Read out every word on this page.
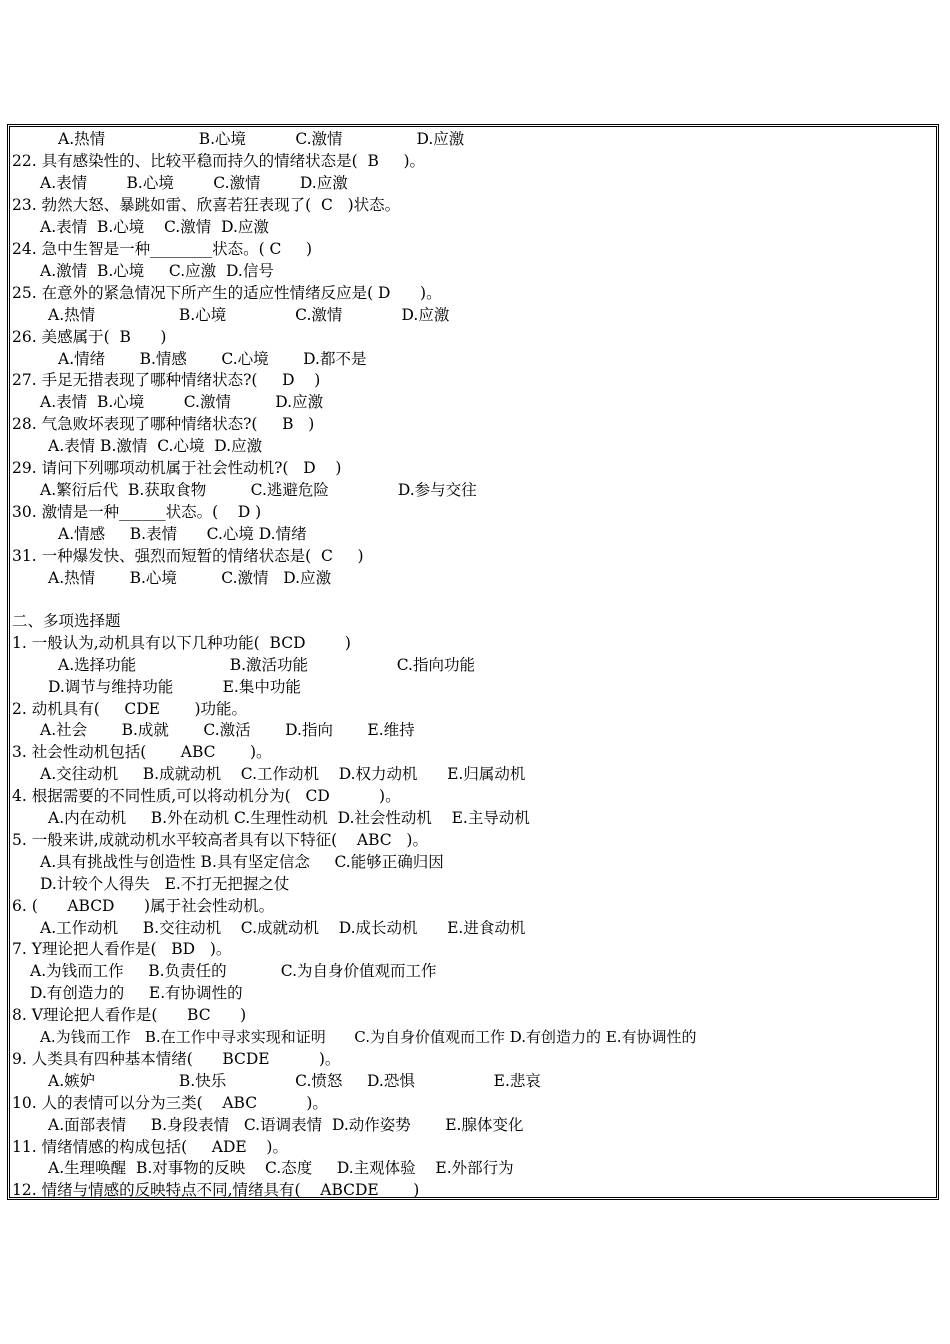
A.热情                   B.心境          C.激情               D.应激
22. 具有感染性的、比较平稳而持久的情绪状态是(  B     )。
A.表情        B.心境        C.激情        D.应激
23. 勃然大怒、暴跳如雷、欣喜若狂表现了(  C   )状态。
A.表情  B.心境    C.激情  D.应激
24. 急中生智是一种________状态。( C     )
A.激情  B.心境     C.应激  D.信号
25. 在意外的紧急情况下所产生的适应性情绪反应是( D      )。
A.热情                 B.心境              C.激情            D.应激
26. 美感属于(  B      )
A.情绪       B.情感       C.心境       D.都不是
27. 手足无措表现了哪种情绪状态?(     D    )
A.表情  B.心境        C.激情         D.应激
28. 气急败坏表现了哪种情绪状态?(     B   )
A.表情 B.激情  C.心境  D.应激
29. 请问下列哪项动机属于社会性动机?(   D    )
A.繁衍后代  B.获取食物         C.逃避危险              D.参与交往
30. 激情是一种______状态。(    D )
A.情感     B.表情      C.心境 D.情绪
31. 一种爆发快、强烈而短暂的情绪状态是(  C     )
A.热情       B.心境         C.激情   D.应激
二、多项选择题
1. 一般认为,动机具有以下几种功能(  BCD        )
A.选择功能                   B.激活功能                  C.指向功能
D.调节与维持功能          E.集中功能
2. 动机具有(     CDE       )功能。
A.社会       B.成就       C.激活       D.指向       E.维持
3. 社会性动机包括(       ABC       )。
A.交往动机     B.成就动机    C.工作动机    D.权力动机      E.归属动机
4. 根据需要的不同性质,可以将动机分为(   CD          )。
A.内在动机     B.外在动机 C.生理性动机  D.社会性动机    E.主导动机
5. 一般来讲,成就动机水平较高者具有以下特征(    ABC   )。
A.具有挑战性与创造性 B.具有坚定信念     C.能够正确归因
D.计较个人得失   E.不打无把握之仗
6. (      ABCD      )属于社会性动机。
A.工作动机     B.交往动机    C.成就动机    D.成长动机      E.进食动机
7. Y理论把人看作是(   BD   )。
A.为钱而工作     B.负责任的           C.为自身价值观而工作
D.有创造力的     E.有协调性的
8. V理论把人看作是(      BC      )
A.为钱而工作   B.在工作中寻求实现和证明      C.为自身价值观而工作 D.有创造力的 E.有协调性的
9. 人类具有四种基本情绪(      BCDE          )。
A.嫉妒                 B.快乐              C.愤怒     D.恐惧                E.悲哀
10. 人的表情可以分为三类(    ABC          )。
A.面部表情     B.身段表情   C.语调表情  D.动作姿势       E.腺体变化
11. 情绪情感的构成包括(     ADE    )。
A.生理唤醒  B.对事物的反映    C.态度     D.主观体验    E.外部行为
12. 情绪与情感的反映特点不同,情绪具有(    ABCDE       )
